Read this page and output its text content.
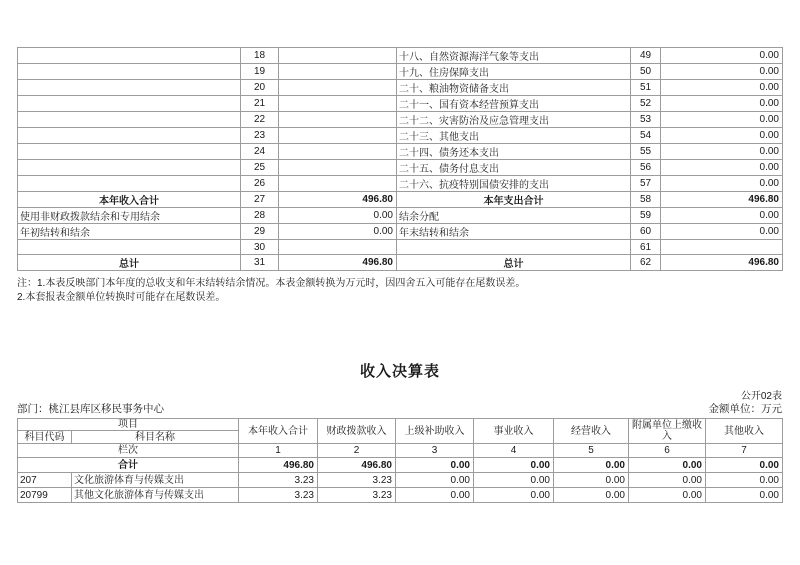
	18		十八、自然资源海洋气象等支出	49	0.00
	19		十九、住房保障支出	50	0.00
	20		二十、粮油物资储备支出	51	0.00
	21		二十一、国有资本经营预算支出	52	0.00
	22		二十二、灾害防治及应急管理支出	53	0.00
	23		二十三、其他支出	54	0.00
	24		二十四、债务还本支出	55	0.00
	25		二十五、债务付息支出	56	0.00
	26		二十六、抗疫特别国债安排的支出	57	0.00
本年收入合计	27	496.80	本年支出合计	58	496.80
使用非财政拨款结余和专用结余	28	0.00	结余分配	59	0.00
年初结转和结余	29	0.00	年末结转和结余	60	0.00
	30			61	
总计	31	496.80	总计	62	496.80
注：1.本表反映部门本年度的总收支和年末结转结余情况。本表金额转换为万元时，因四舍五入可能存在尾数误差。
2.本套报表金额单位转换时可能存在尾数误差。
收入决算表
公开02表
部门：桃江县库区移民事务中心	金额单位：万元
项目		本年收入合计	财政拨款收入	上级补助收入	事业收入	经营收入	附属单位上缴收入	其他收入
科目代码	科目名称							
栏次		1	2	3	4	5	6	7
合计		496.80	496.80	0.00	0.00	0.00	0.00	0.00
207	文化旅游体育与传媒支出	3.23	3.23	0.00	0.00	0.00	0.00	0.00
20799	其他文化旅游体育与传媒支出	3.23	3.23	0.00	0.00	0.00	0.00	0.00
